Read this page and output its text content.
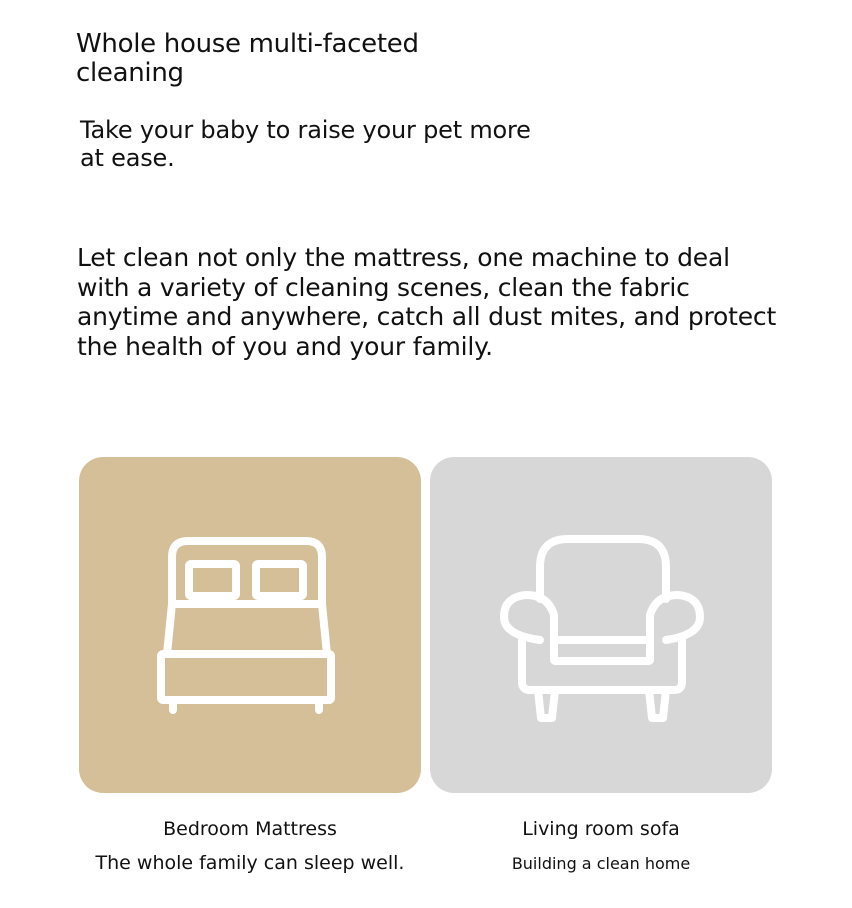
Whole house multi-faceted cleaning

Take your baby to raise your pet more at ease.

Let clean not only the mattress, one machine to deal with a variety of cleaning scenes, clean the fabric anytime and anywhere, catch all dust mites, and protect the health of you and your family.

Bedroom Mattress

The whole family can sleep well.

Living room sofa

Building a clean home
